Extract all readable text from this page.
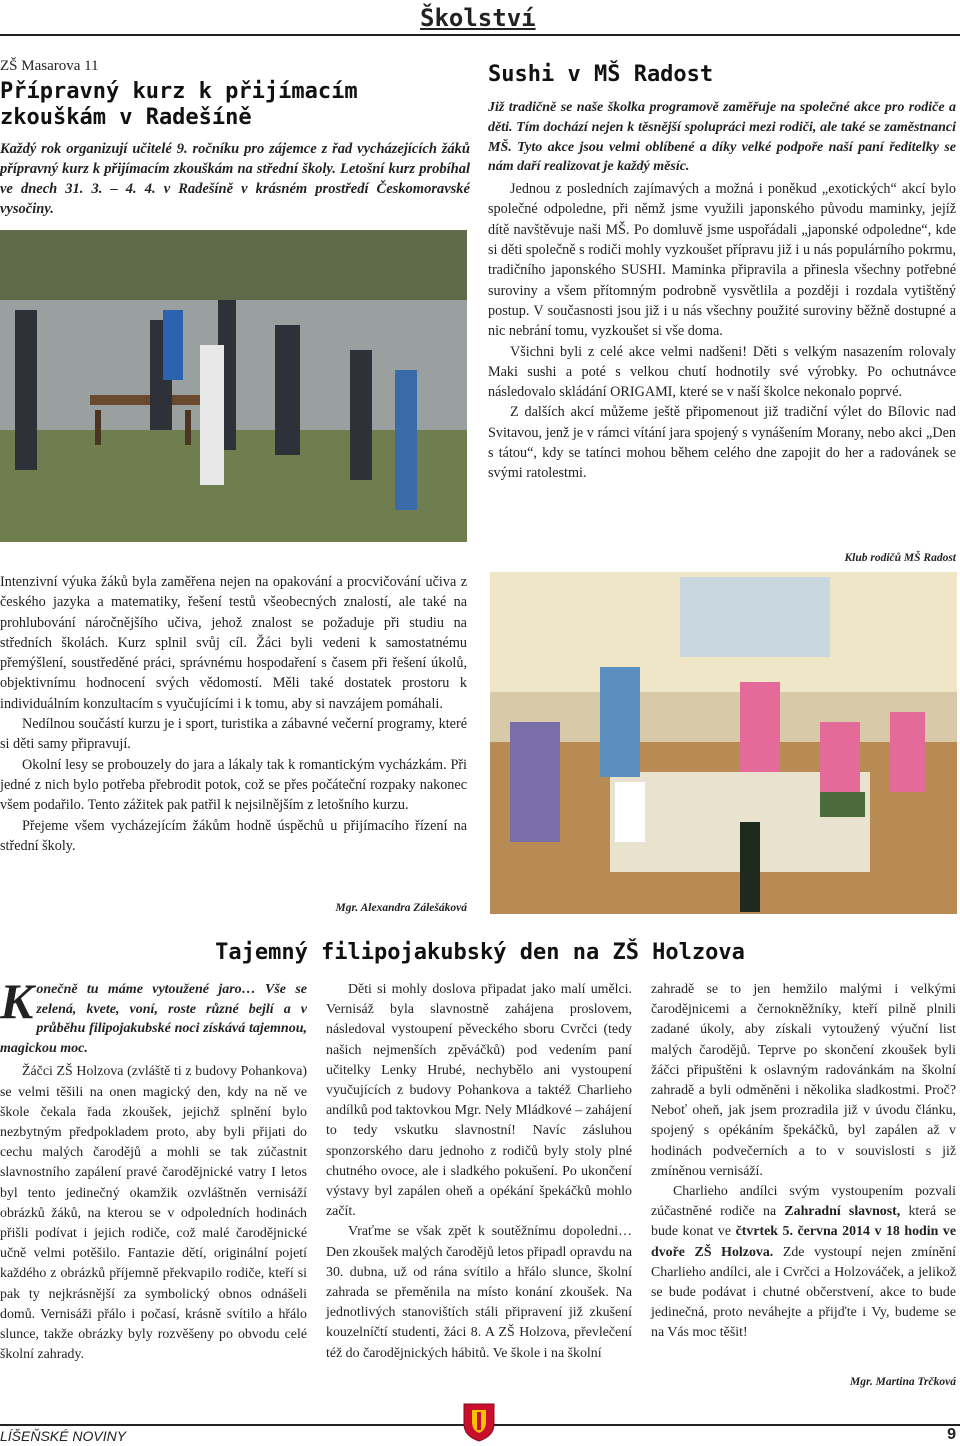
Školství
ZŠ Masarova 11
Přípravný kurz k přijímacím zkouškám v Radešíně

Každý rok organizují učitelé 9. ročníku pro zájemce z řad vycházejících žáků přípravný kurz k přijímacím zkouškám na střední školy. Letošní kurz probíhal ve dnech 31. 3. – 4. 4. v Radešíně v krásném prostředí Českomoravské vysočiny.

Intenzivní výuka žáků byla zaměřena nejen na opakování a procvičování učiva z českého jazyka a matematiky, řešení testů všeobecných znalostí, ale také na prohlubování náročnějšího učiva, jehož znalost se požaduje při studiu na středních školách. Kurz splnil svůj cíl. Žáci byli vedeni k samostatnému přemýšlení, soustředěné práci, správnému hospodaření s časem při řešení úkolů, objektivnímu hodnocení svých vědomostí. Měli také dostatek prostoru k individuálním konzultacím s vyučujícími i k tomu, aby si navzájem pomáhali.

Nedílnou součástí kurzu je i sport, turistika a zábavné večerní programy, které si děti samy připravují.

Okolní lesy se probouzely do jara a lákaly tak k romantickým vycházkám. Při jedné z nich bylo potřeba přebrodit potok, což se přes počáteční rozpaky nakonec všem podařilo. Tento zážitek pak patřil k nejsilnějším z letošního kurzu.

Přejeme všem vycházejícím žákům hodně úspěchů u přijímacího řízení na střední školy.

Mgr. Alexandra Zálešáková
Sushi v MŠ Radost

Již tradičně se naše školka programově zaměřuje na společné akce pro rodiče a děti. Tím dochází nejen k těsnější spolupráci mezi rodiči, ale také se zaměstnanci MŠ. Tyto akce jsou velmi oblíbené a díky velké podpoře naší paní ředitelky se nám daří realizovat je každý měsíc.

Jednou z posledních zajímavých a možná i poněkud „exotických“ akcí bylo společné odpoledne, při němž jsme využili japonského původu maminky, jejíž dítě navštěvuje naši MŠ. Po domluvě jsme uspořádali „japonské odpoledne“, kde si děti společně s rodiči mohly vyzkoušet přípravu již i u nás populárního pokrmu, tradičního japonského SUSHI. Maminka připravila a přinesla všechny potřebné suroviny a všem přítomným podrobně vysvětlila a později i rozdala vytištěný postup. V současnosti jsou již i u nás všechny použité suroviny běžně dostupné a nic nebrání tomu, vyzkoušet si vše doma.

Všichni byli z celé akce velmi nadšeni! Děti s velkým nasazením rolovaly Maki sushi a poté s velkou chutí hodnotily své výrobky. Po ochutnávce následovalo skládání ORIGAMI, které se v naší školce nekonalo poprvé.

Z dalších akcí můžeme ještě připomenout již tradiční výlet do Bílovic nad Svitavou, jenž je v rámci vítání jara spojený s vynášením Morany, nebo akci „Den s tátou“, kdy se tatínci mohou během celého dne zapojit do her a radovánek se svými ratolestmi.

Klub rodičů MŠ Radost
Tajemný filipojakubský den na ZŠ Holzova

Konečně tu máme vytoužené jaro… Vše se zelená, kvete, voní, roste různé bejlí a v průběhu filipojakubské noci získává tajemnou, magickou moc.

Žáčci ZŠ Holzova (zvláště ti z budovy Pohankova) se velmi těšili na onen magický den, kdy na ně ve škole čekala řada zkoušek, jejichž splnění bylo nezbytným předpokladem proto, aby byli přijati do cechu malých čarodějů a mohli se tak zúčastnit slavnostního zapálení pravé čarodějnické vatry I letos byl tento jedinečný okamžik ozvláštněn vernisáží obrázků žáků, na kterou se v odpoledních hodinách přišli podívat i jejich rodiče, což malé čarodějnické učně velmi potěšilo. Fantazie dětí, originální pojetí každého z obrázků příjemně překvapilo rodiče, kteří si pak ty nejkrásnější za symbolický obnos odnášeli domů. Vernisáži přálo i počasí, krásně svítilo a hřálo slunce, takže obrázky byly rozvěšeny po obvodu celé školní zahrady.

Děti si mohly doslova připadat jako malí umělci. Vernisáž byla slavnostně zahájena proslovem, následoval vystoupení pěveckého sboru Cvrčci (tedy našich nejmenších zpěváčků) pod vedením paní učitelky Lenky Hrubé, nechybělo ani vystoupení vyučujících z budovy Pohankova a taktéž Charlieho andílků pod taktovkou Mgr. Nely Mládkové – zahájení to tedy vskutku slavnostní! Navíc zásluhou sponzorského daru jednoho z rodičů byly stoly plné chutného ovoce, ale i sladkého pokušení. Po ukončení výstavy byl zapálen oheň a opékání špekáčků mohlo začít.

Vraťme se však zpět k soutěžnímu dopoledni… Den zkoušek malých čarodějů letos připadl opravdu na 30. dubna, už od rána svítilo a hřálo slunce, školní zahrada se přeměnila na místo konání zkoušek. Na jednotlivých stanovištích stáli připravení již zkušení kouzelníčtí studenti, žáci 8. A ZŠ Holzova, převlečení též do čarodějnických hábitů. Ve škole i na školní

zahradě se to jen hemžilo malými i velkými čarodějnicemi a černokněžníky, kteří pilně plnili zadané úkoly, aby získali vytoužený výuční list malých čarodějů. Teprve po skončení zkoušek byli žáčci připuštěni k oslavným radovánkám na školní zahradě a byli odměněni i několika sladkostmi. Proč? Neboť oheň, jak jsem prozradila již v úvodu článku, spojený s opékáním špekáčků, byl zapálen až v hodinách podvečerních a to v souvislosti s již zmíněnou vernisáží.

Charlieho andílci svým vystoupením pozvali zúčastněné rodiče na Zahradní slavnost, která se bude konat ve čtvrtek 5. června 2014 v 18 hodin ve dvoře ZŠ Holzova. Zde vystoupí nejen zmínění Charlieho andílci, ale i Cvrčci a Holzováček, a jelikož se bude podávat i chutné občerstvení, akce to bude jedinečná, proto neváhejte a přijďte i Vy, budeme se na Vás moc těšit!

Mgr. Martina Trčková
LÍŠEŇSKÉ NOVINY	9
